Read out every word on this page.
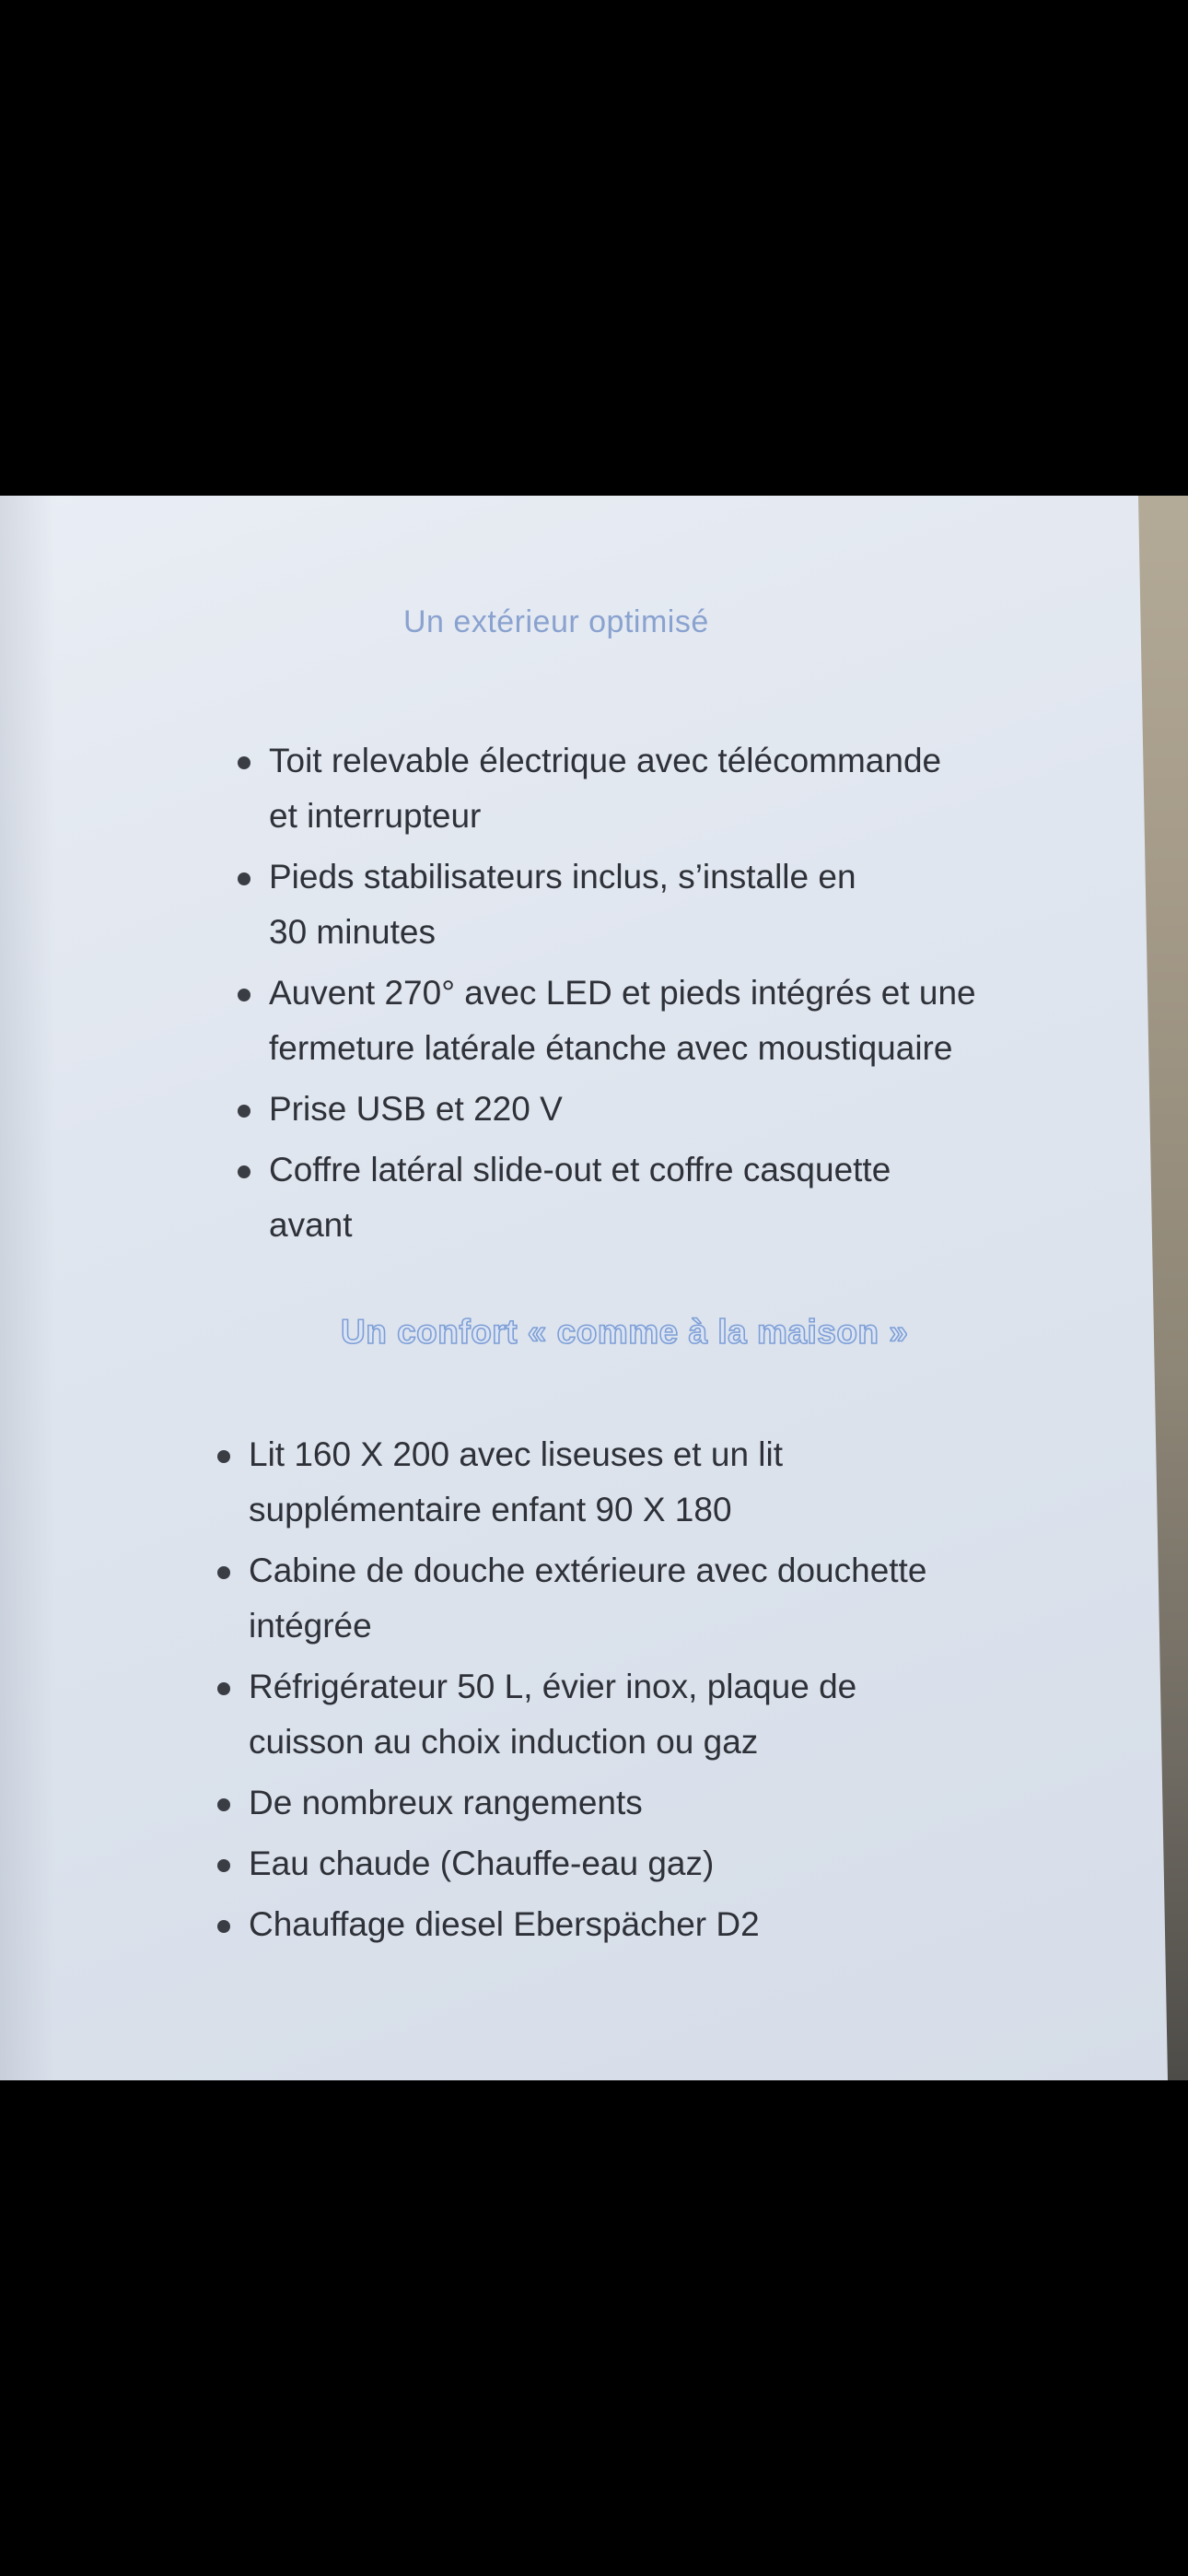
Un extérieur optimisé
Toit relevable électrique avec télécommande
et interrupteur
Pieds stabilisateurs inclus, s’installe en
30 minutes
Auvent 270° avec LED et pieds intégrés et une
fermeture latérale étanche avec moustiquaire
Prise USB et 220 V
Coffre latéral slide-out et coffre casquette
avant
Un confort « comme à la maison »
Lit 160 X 200 avec liseuses et un lit
supplémentaire enfant 90 X 180
Cabine de douche extérieure avec douchette
intégrée
Réfrigérateur 50 L, évier inox, plaque de
cuisson au choix induction ou gaz
De nombreux rangements
Eau chaude (Chauffe-eau gaz)
Chauffage diesel Eberspächer D2
